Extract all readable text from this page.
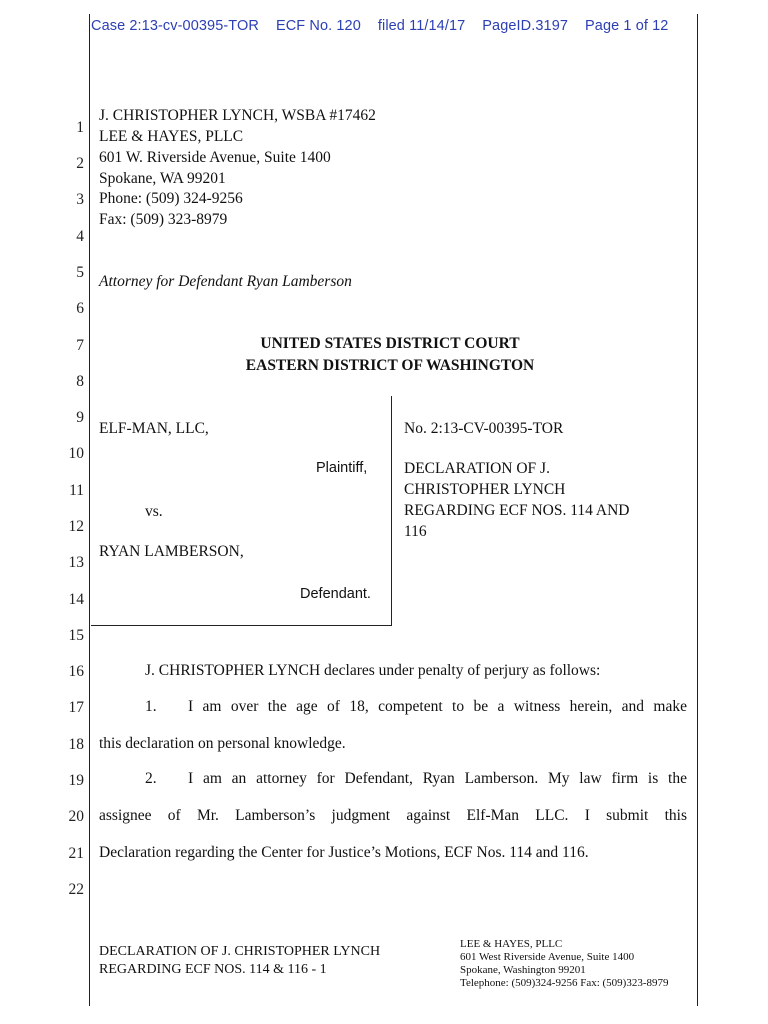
Case 2:13-cv-00395-TOR ECF No. 120 filed 11/14/17 PageID.3197 Page 1 of 12
1
2
3
4
5
6
7
8
9
10
11
12
13
14
15
16
17
18
19
20
21
22
J. CHRISTOPHER LYNCH, WSBA #17462
LEE & HAYES, PLLC
601 W. Riverside Avenue, Suite 1400
Spokane, WA 99201
Phone: (509) 324-9256
Fax: (509) 323-8979
Attorney for Defendant Ryan Lamberson
UNITED STATES DISTRICT COURT
EASTERN DISTRICT OF WASHINGTON
ELF-MAN, LLC,
Plaintiff,
vs.
RYAN LAMBERSON,
Defendant.
No. 2:13-CV-00395-TOR
DECLARATION OF J.
CHRISTOPHER LYNCH
REGARDING ECF NOS. 114 AND
116
J. CHRISTOPHER LYNCH declares under penalty of perjury as follows:
1. I am over the age of 18, competent to be a witness herein, and make
this declaration on personal knowledge.
2. I am an attorney for Defendant, Ryan Lamberson. My law firm is the
assignee of Mr. Lamberson’s judgment against Elf-Man LLC. I submit this
Declaration regarding the Center for Justice’s Motions, ECF Nos. 114 and 116.
DECLARATION OF J. CHRISTOPHER LYNCH
REGARDING ECF NOS. 114 & 116 - 1
LEE & HAYES, PLLC
601 West Riverside Avenue, Suite 1400
Spokane, Washington 99201
Telephone: (509)324-9256 Fax: (509)323-8979
